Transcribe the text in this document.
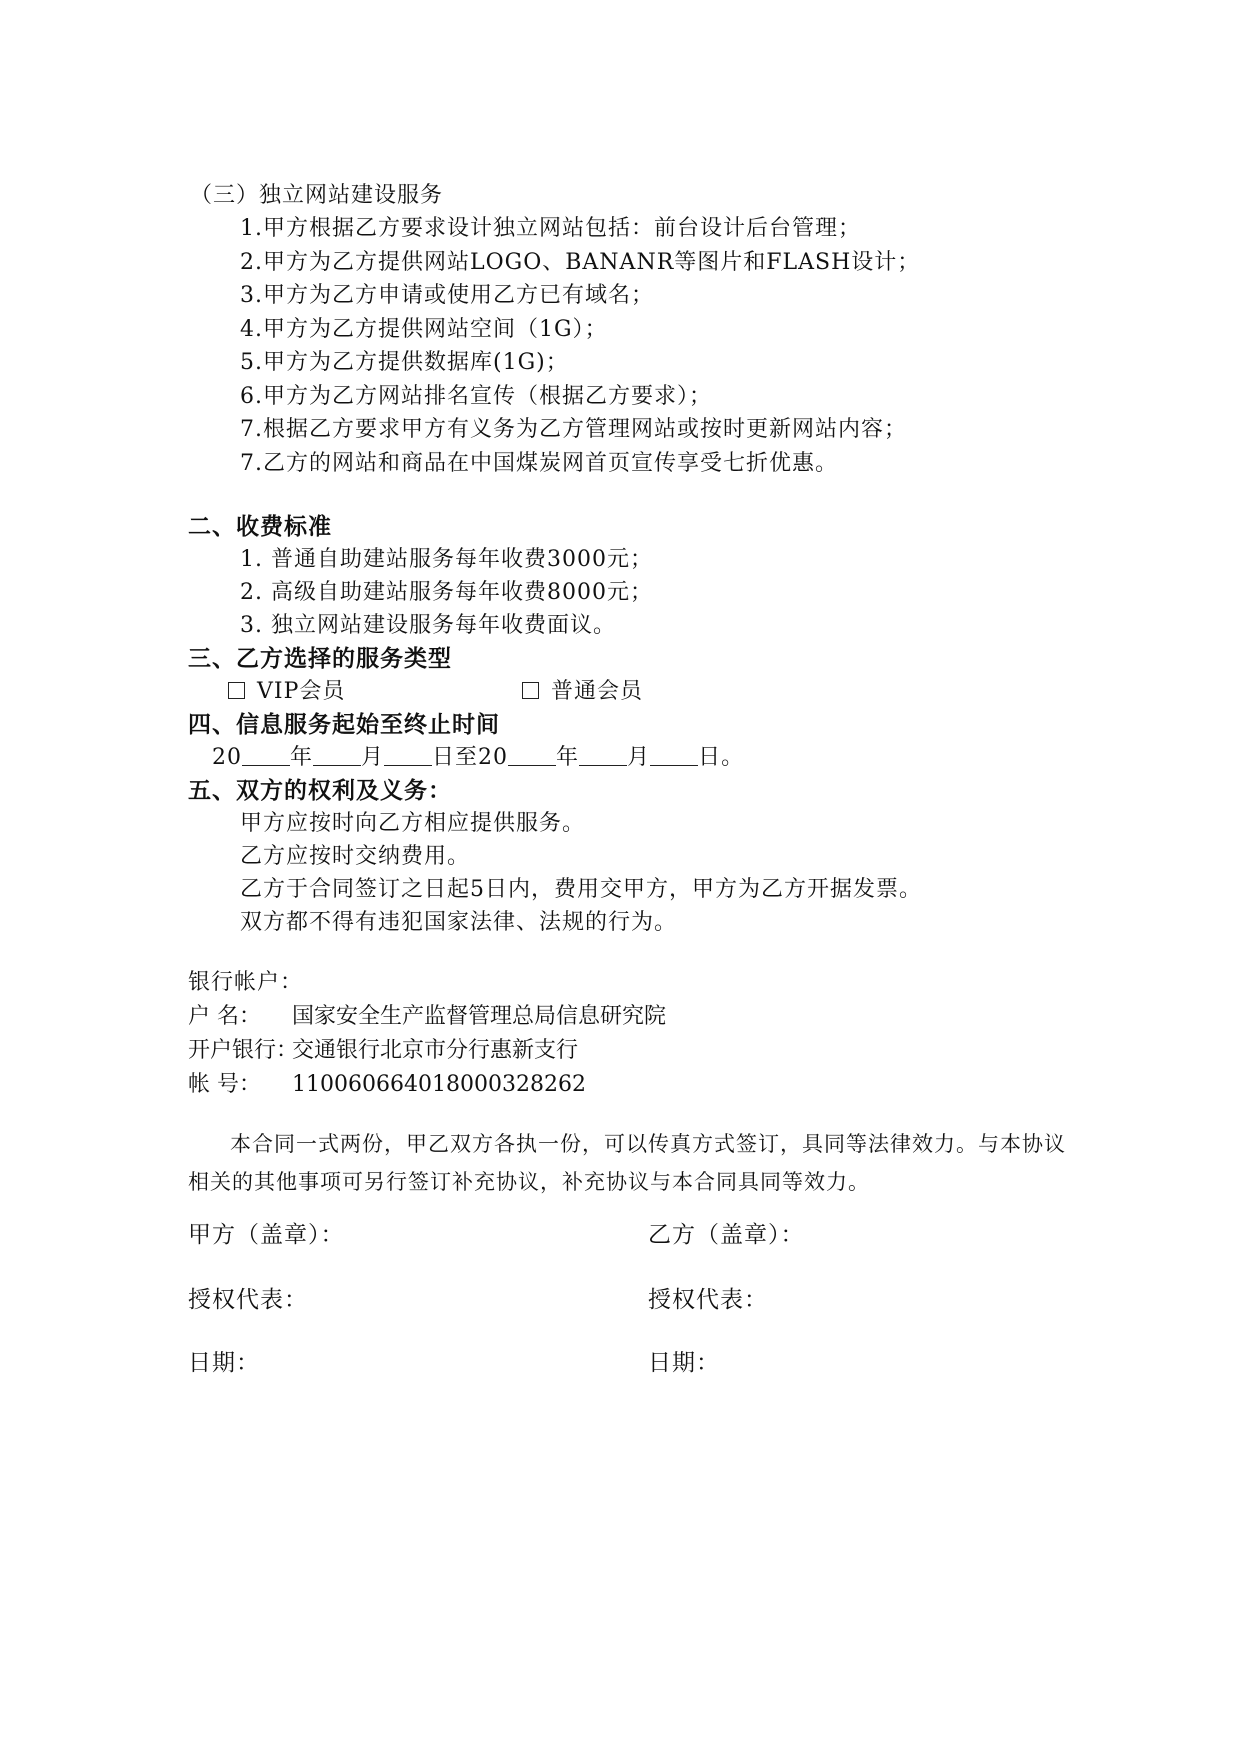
（三）独立网站建设服务
1.甲方根据乙方要求设计独立网站包括：前台设计后台管理；
2.甲方为乙方提供网站LOGO、BANANR等图片和FLASH设计；
3.甲方为乙方申请或使用乙方已有域名；
4.甲方为乙方提供网站空间（1G）；
5.甲方为乙方提供数据库(1G)；
6.甲方为乙方网站排名宣传（根据乙方要求）；
7.根据乙方要求甲方有义务为乙方管理网站或按时更新网站内容；
7.乙方的网站和商品在中国煤炭网首页宣传享受七折优惠。
二、收费标准
1. 普通自助建站服务每年收费3000元；
2. 高级自助建站服务每年收费8000元；
3. 独立网站建设服务每年收费面议。
三、乙方选择的服务类型
VIP会员	普通会员
四、信息服务起始至终止时间
20 年 月 日至20 年 月 日。
五、双方的权利及义务：
甲方应按时向乙方相应提供服务。
乙方应按时交纳费用。
乙方于合同签订之日起5日内，费用交甲方，甲方为乙方开据发票。
双方都不得有违犯国家法律、法规的行为。
银行帐户：
户 名： 国家安全生产监督管理总局信息研究院
开户银行：交通银行北京市分行惠新支行
帐 号： 110060664018000328262
本合同一式两份，甲乙双方各执一份，可以传真方式签订，具同等法律效力。与本协议
相关的其他事项可另行签订补充协议，补充协议与本合同具同等效力。
甲方（盖章）：	乙方（盖章）：
授权代表：	授权代表：
日期：	日期：
